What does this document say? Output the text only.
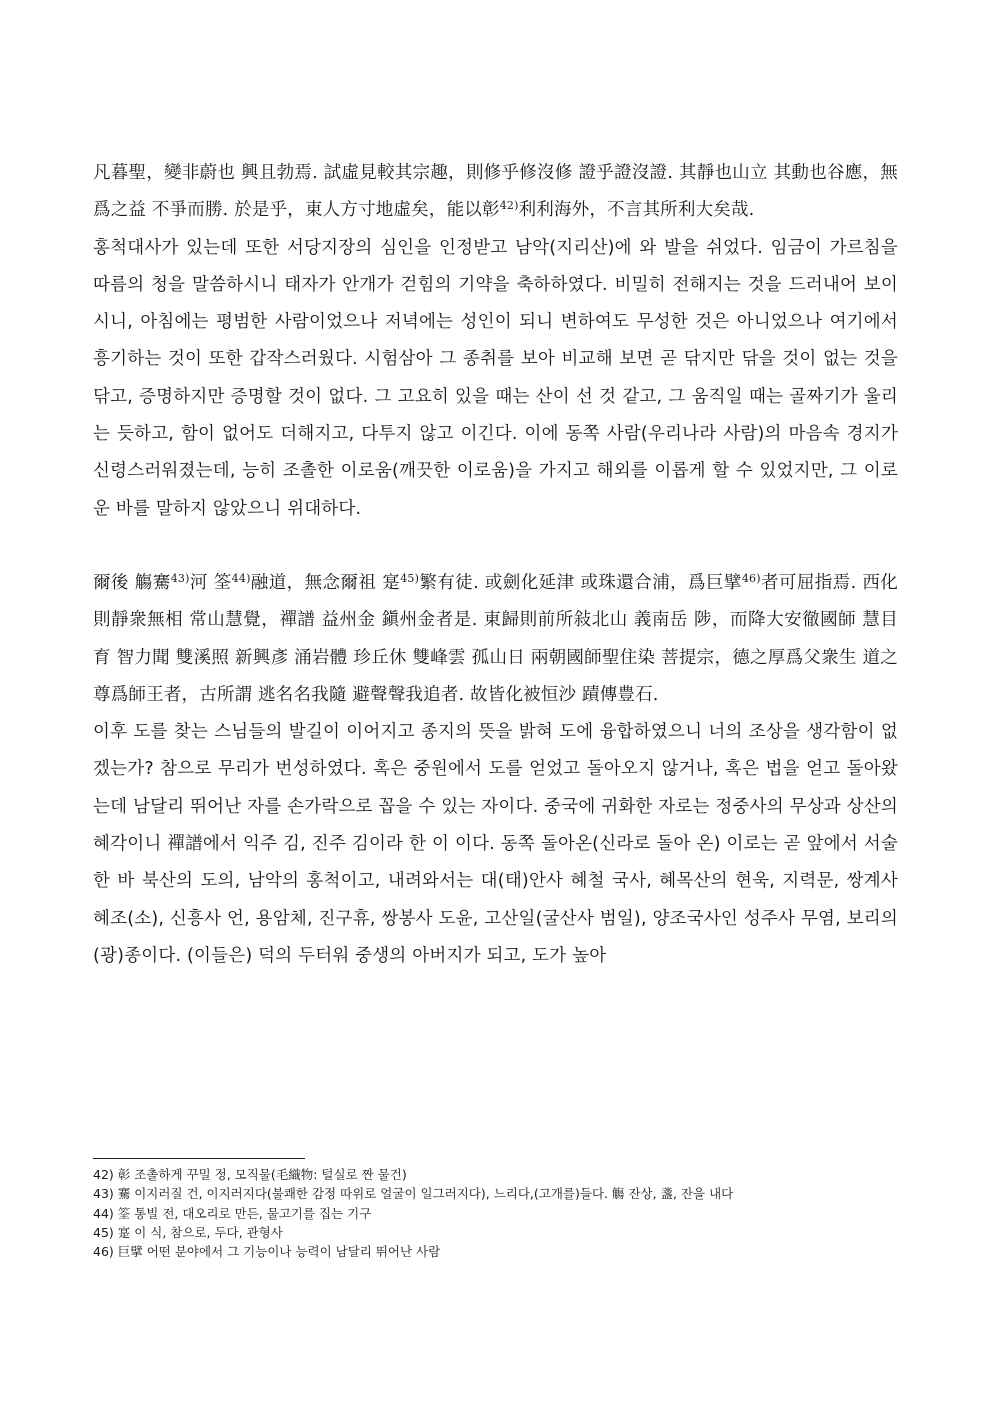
凡暮聖，變非蔚也 興且勃焉. 試虛見較其宗趣，則修乎修沒修 證乎證沒證. 其靜也山立 其動也谷應，無爲之益 不爭而勝. 於是乎，東人方寸地虛矣，能以彰$^{42)}$利利海外，不言其所利大矣哉.

홍척대사가 있는데 또한 서당지장의 심인을 인정받고 남악(지리산)에 와 발을 쉬었다. 임금이 가르침을 따름의 청을 말씀하시니 태자가 안개가 걷힘의 기약을 축하하였다. 비밀히 전해지는 것을 드러내어 보이시니, 아침에는 평범한 사람이었으나 저녁에는 성인이 되니 변하여도 무성한 것은 아니었으나 여기에서 흥기하는 것이 또한 갑작스러웠다. 시험삼아 그 종취를 보아 비교해 보면 곧 닦지만 닦을 것이 없는 것을 닦고, 증명하지만 증명할 것이 없다. 그 고요히 있을 때는 산이 선 것 같고, 그 움직일 때는 골짜기가 울리는 듯하고, 함이 없어도 더해지고, 다투지 않고 이긴다. 이에 동쪽 사람(우리나라 사람)의 마음속 경지가 신령스러워졌는데, 능히 조촐한 이로움(깨끗한 이로움)을 가지고 해외를 이롭게 할 수 있었지만, 그 이로운 바를 말하지 않았으니 위대하다.

爾後 觴騫$^{43)}$河 筌$^{44)}$融道，無念爾祖 寔$^{45)}$繁有徒. 或劍化延津 或珠還合浦，爲巨擘$^{46)}$者可屈指焉. 西化則靜衆無相 常山慧覺，禪譜 益州金 鎭州金者是. 東歸則前所敍北山 義南岳 陟，而降大安徹國師 慧目 育 智力聞 雙溪照 新興彥 涌岩體 珍丘休 雙峰雲 孤山日 兩朝國師聖住染 菩提宗，德之厚爲父衆生 道之尊爲師王者，古所謂 逃名名我隨 避聲聲我追者. 故皆化被恒沙 蹟傳豊石.

이후 도를 찾는 스님들의 발길이 이어지고 종지의 뜻을 밝혀 도에 융합하였으니 너의 조상을 생각함이 없겠는가? 참으로 무리가 번성하였다. 혹은 중원에서 도를 얻었고 돌아오지 않거나, 혹은 법을 얻고 돌아왔는데 남달리 뛰어난 자를 손가락으로 꼽을 수 있는 자이다. 중국에 귀화한 자로는 정중사의 무상과 상산의 혜각이니 禪譜에서 익주 김, 진주 김이라 한 이 이다. 동쪽 돌아온(신라로 돌아 온) 이로는 곧 앞에서 서술한 바 북산의 도의, 남악의 홍척이고, 내려와서는 대(태)안사 혜철 국사, 혜목산의 현욱, 지력문, 쌍계사 혜조(소), 신흥사 언, 용암체, 진구휴, 쌍봉사 도윤, 고산일(굴산사 범일), 양조국사인 성주사 무염, 보리의 (광)종이다. (이들은) 덕의 두터워 중생의 아버지가 되고, 도가 높아

42) 彰 조촐하게 꾸밀 정, 모직물(毛織物: 털실로 짠 물건)
43) 騫 이지러질 건, 이지러지다(불쾌한 감정 따위로 얼굴이 일그러지다), 느리다,(고개를)들다. 觴 잔상, 盞, 잔을 내다
44) 筌 통빌 전, 대오리로 만든, 물고기를 집는 기구
45) 寔 이 식, 참으로, 두다, 관형사
46) 巨擘 어떤 분야에서 그 기능이나 능력이 남달리 뛰어난 사람
